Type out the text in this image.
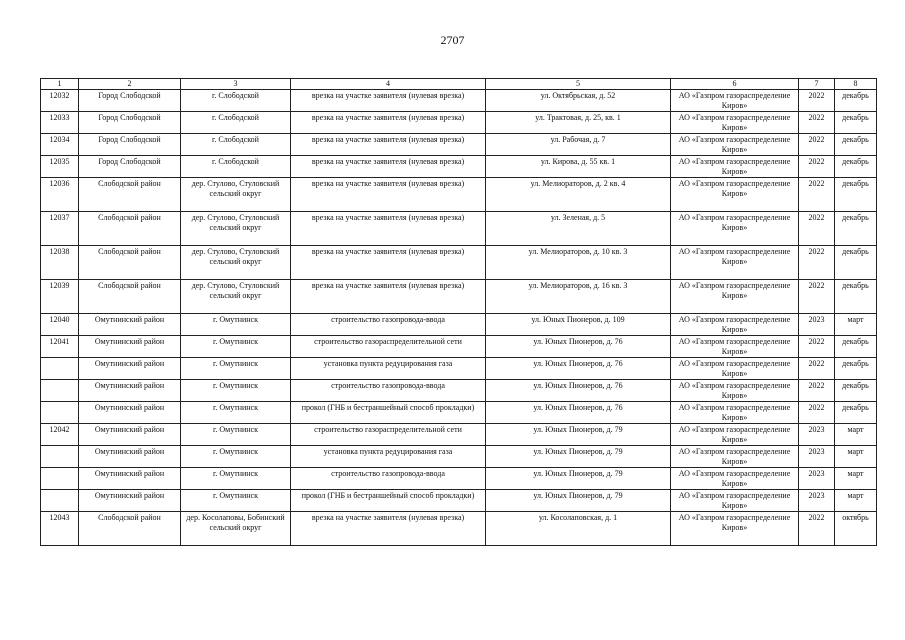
2707
1	2	3	4	5	6	7	8
12032	Город Слободской	г. Слободской	врезка на участке заявителя (нулевая врезка)	ул. Октябрьская, д. 52	АО «Газпром газораспределение Киров»	2022	декабрь
12033	Город Слободской	г. Слободской	врезка на участке заявителя (нулевая врезка)	ул. Трактовая, д. 25, кв. 1	АО «Газпром газораспределение Киров»	2022	декабрь
12034	Город Слободской	г. Слободской	врезка на участке заявителя (нулевая врезка)	ул. Рабочая, д. 7	АО «Газпром газораспределение Киров»	2022	декабрь
12035	Город Слободской	г. Слободской	врезка на участке заявителя (нулевая врезка)	ул. Кирова, д. 55 кв. 1	АО «Газпром газораспределение Киров»	2022	декабрь
12036	Слободской район	дер. Стулово, Стуловский сельский округ	врезка на участке заявителя (нулевая врезка)	ул. Мелиораторов, д. 2 кв. 4	АО «Газпром газораспределение Киров»	2022	декабрь
12037	Слободской район	дер. Стулово, Стуловский сельский округ	врезка на участке заявителя (нулевая врезка)	ул. Зеленая, д. 5	АО «Газпром газораспределение Киров»	2022	декабрь
12038	Слободской район	дер. Стулово, Стуловский сельский округ	врезка на участке заявителя (нулевая врезка)	ул. Мелиораторов, д. 10 кв. 3	АО «Газпром газораспределение Киров»	2022	декабрь
12039	Слободской район	дер. Стулово, Стуловский сельский округ	врезка на участке заявителя (нулевая врезка)	ул. Мелиораторов, д. 16 кв. 3	АО «Газпром газораспределение Киров»	2022	декабрь
12040	Омутнинский район	г. Омутнинск	строительство газопровода-ввода	ул. Юных Пионеров, д. 109	АО «Газпром газораспределение Киров»	2023	март
12041	Омутнинский район	г. Омутнинск	строительство газораспределительной сети	ул. Юных Пионеров, д. 76	АО «Газпром газораспределение Киров»	2022	декабрь
	Омутнинский район	г. Омутнинск	установка пункта редуцирования газа	ул. Юных Пионеров, д. 76	АО «Газпром газораспределение Киров»	2022	декабрь
	Омутнинский район	г. Омутнинск	строительство газопровода-ввода	ул. Юных Пионеров, д. 76	АО «Газпром газораспределение Киров»	2022	декабрь
	Омутнинский район	г. Омутнинск	прокол (ГНБ и бестраншейный способ прокладки)	ул. Юных Пионеров, д. 76	АО «Газпром газораспределение Киров»	2022	декабрь
12042	Омутнинский район	г. Омутнинск	строительство газораспределительной сети	ул. Юных Пионеров, д. 79	АО «Газпром газораспределение Киров»	2023	март
	Омутнинский район	г. Омутнинск	установка пункта редуцирования газа	ул. Юных Пионеров, д. 79	АО «Газпром газораспределение Киров»	2023	март
	Омутнинский район	г. Омутнинск	строительство газопровода-ввода	ул. Юных Пионеров, д. 79	АО «Газпром газораспределение Киров»	2023	март
	Омутнинский район	г. Омутнинск	прокол (ГНБ и бестраншейный способ прокладки)	ул. Юных Пионеров, д. 79	АО «Газпром газораспределение Киров»	2023	март
12043	Слободской район	дер. Косолаповы, Бобинский сельский округ	врезка на участке заявителя (нулевая врезка)	ул. Косолаповская, д. 1	АО «Газпром газораспределение Киров»	2022	октябрь
